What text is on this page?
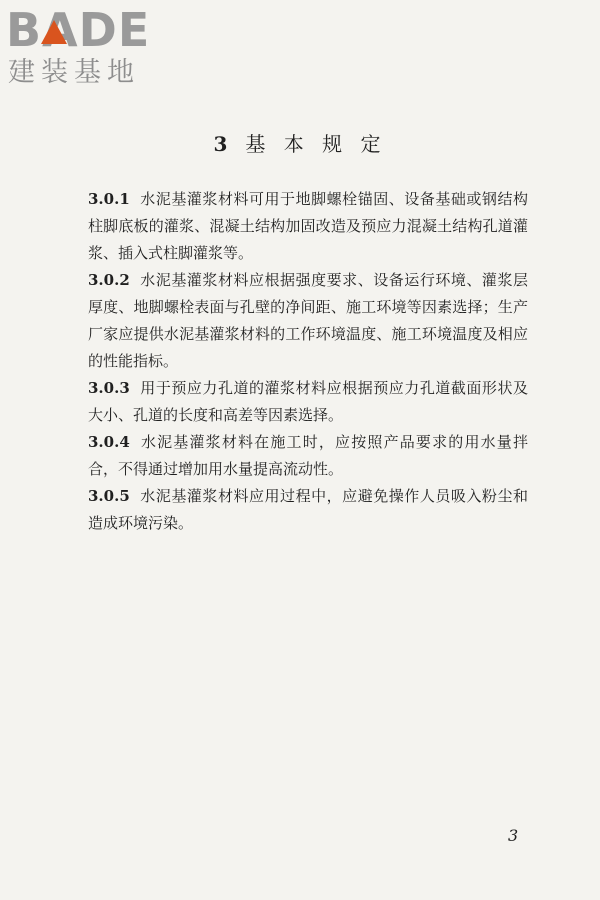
BADE
建装基地
3 基 本 规 定

3.0.1 水泥基灌浆材料可用于地脚螺栓锚固、设备基础或钢结构柱脚底板的灌浆、混凝土结构加固改造及预应力混凝土结构孔道灌浆、插入式柱脚灌浆等。

3.0.2 水泥基灌浆材料应根据强度要求、设备运行环境、灌浆层厚度、地脚螺栓表面与孔壁的净间距、施工环境等因素选择；生产厂家应提供水泥基灌浆材料的工作环境温度、施工环境温度及相应的性能指标。

3.0.3 用于预应力孔道的灌浆材料应根据预应力孔道截面形状及大小、孔道的长度和高差等因素选择。

3.0.4 水泥基灌浆材料在施工时，应按照产品要求的用水量拌合，不得通过增加用水量提高流动性。

3.0.5 水泥基灌浆材料应用过程中，应避免操作人员吸入粉尘和造成环境污染。

3
